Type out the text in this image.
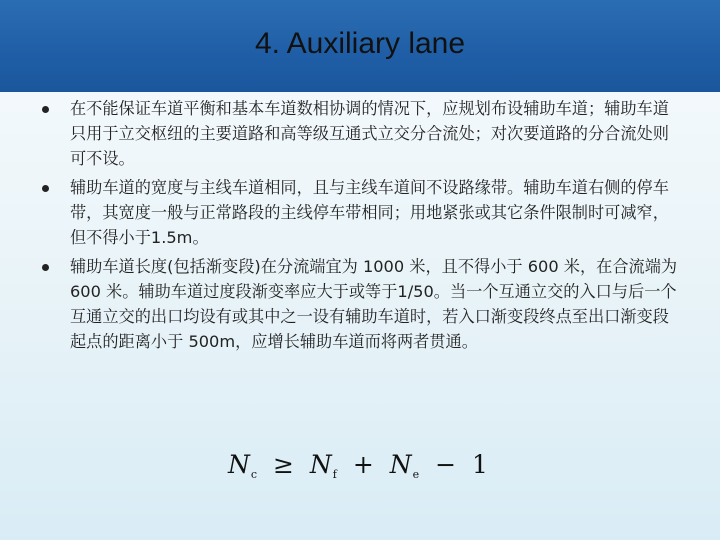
4. Auxiliary lane
在不能保证车道平衡和基本车道数相协调的情况下，应规划布设辅助车道；辅助车道只用于立交枢纽的主要道路和高等级互通式立交分合流处；对次要道路的分合流处则可不设。
辅助车道的宽度与主线车道相同，且与主线车道间不设路缘带。辅助车道右侧的停车带，其宽度一般与正常路段的主线停车带相同；用地紧张或其它条件限制时可减窄，但不得小于1.5m。
辅助车道长度(包括渐变段)在分流端宜为 1000 米，且不得小于 600 米，在合流端为 600 米。辅助车道过度段渐变率应大于或等于1/50。当一个互通立交的入口与后一个互通立交的出口均设有或其中之一设有辅助车道时，若入口渐变段终点至出口渐变段起点的距离小于 500m，应增长辅助车道而将两者贯通。
$N_c \ge N_f + N_e - 1$
